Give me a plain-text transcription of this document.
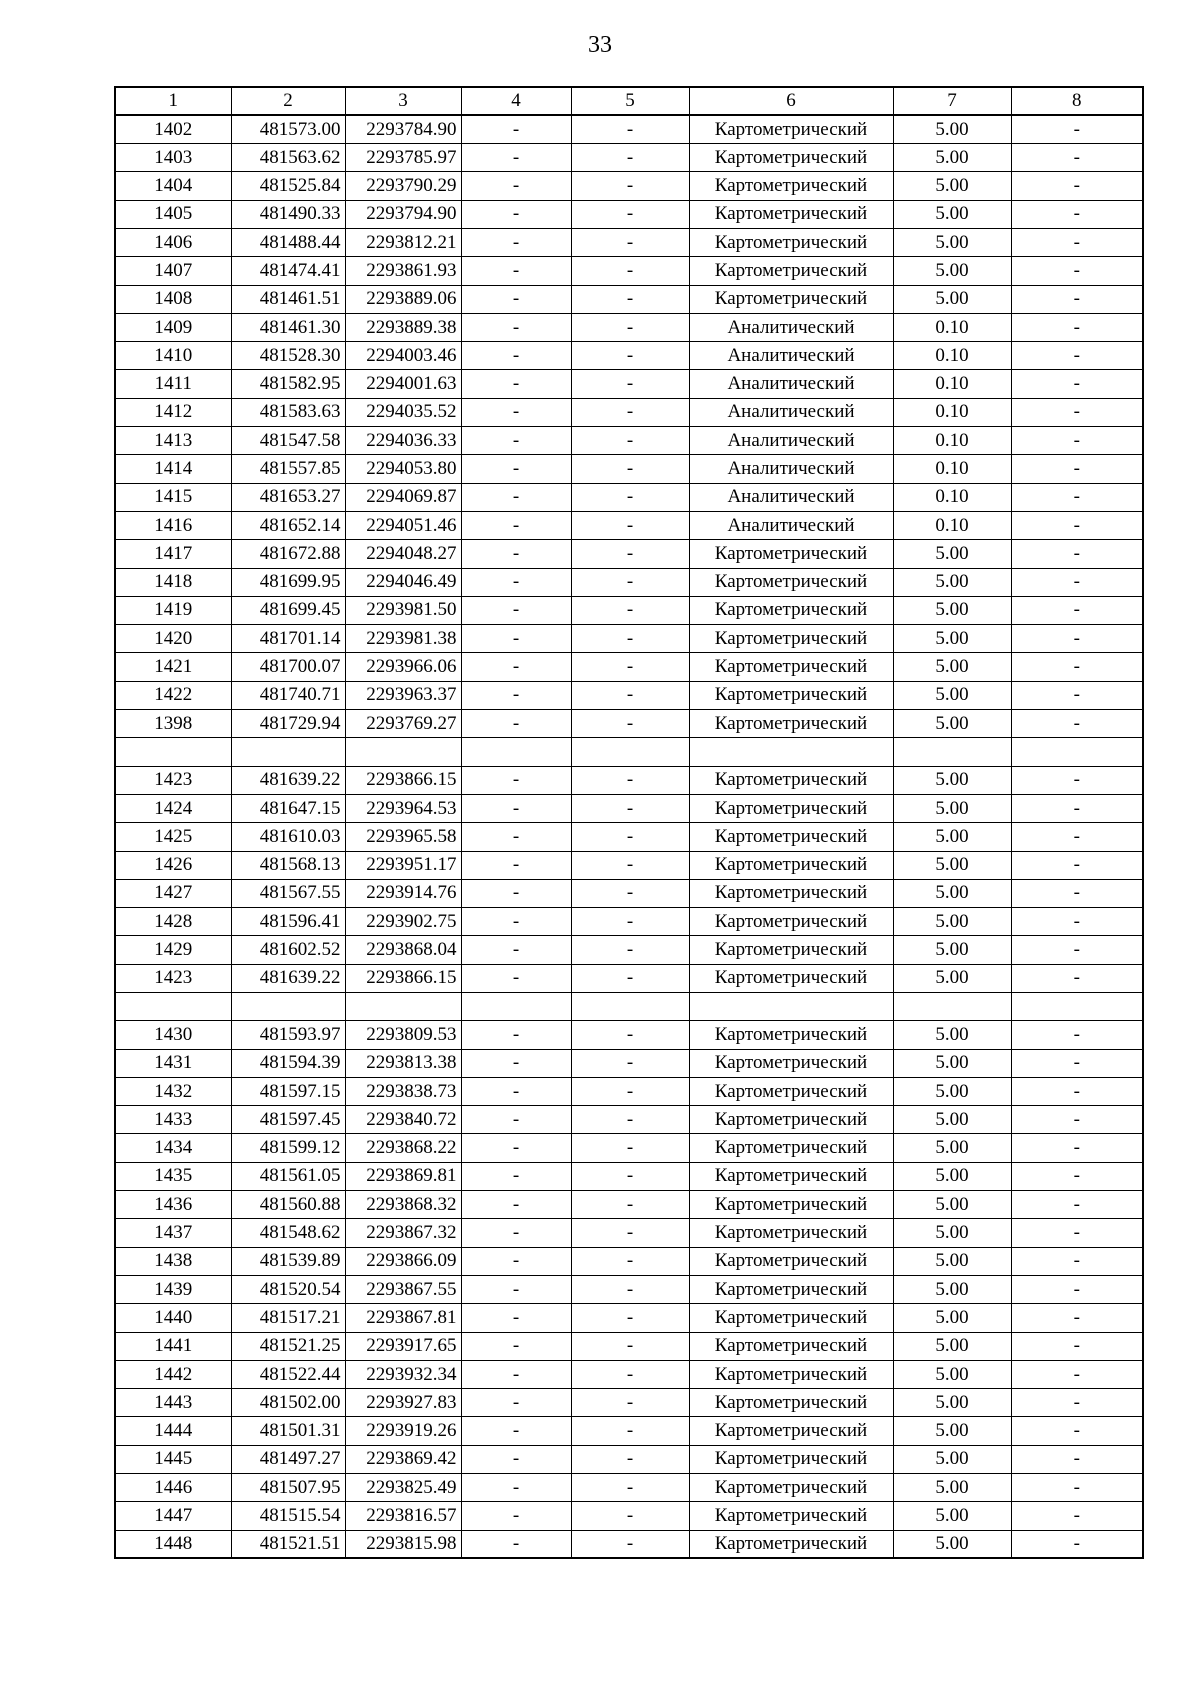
33
1	2	3	4	5	6	7	8
1402	481573.00	2293784.90	-	-	Картометрический	5.00	-
1403	481563.62	2293785.97	-	-	Картометрический	5.00	-
1404	481525.84	2293790.29	-	-	Картометрический	5.00	-
1405	481490.33	2293794.90	-	-	Картометрический	5.00	-
1406	481488.44	2293812.21	-	-	Картометрический	5.00	-
1407	481474.41	2293861.93	-	-	Картометрический	5.00	-
1408	481461.51	2293889.06	-	-	Картометрический	5.00	-
1409	481461.30	2293889.38	-	-	Аналитический	0.10	-
1410	481528.30	2294003.46	-	-	Аналитический	0.10	-
1411	481582.95	2294001.63	-	-	Аналитический	0.10	-
1412	481583.63	2294035.52	-	-	Аналитический	0.10	-
1413	481547.58	2294036.33	-	-	Аналитический	0.10	-
1414	481557.85	2294053.80	-	-	Аналитический	0.10	-
1415	481653.27	2294069.87	-	-	Аналитический	0.10	-
1416	481652.14	2294051.46	-	-	Аналитический	0.10	-
1417	481672.88	2294048.27	-	-	Картометрический	5.00	-
1418	481699.95	2294046.49	-	-	Картометрический	5.00	-
1419	481699.45	2293981.50	-	-	Картометрический	5.00	-
1420	481701.14	2293981.38	-	-	Картометрический	5.00	-
1421	481700.07	2293966.06	-	-	Картометрический	5.00	-
1422	481740.71	2293963.37	-	-	Картометрический	5.00	-
1398	481729.94	2293769.27	-	-	Картометрический	5.00	-

1423	481639.22	2293866.15	-	-	Картометрический	5.00	-
1424	481647.15	2293964.53	-	-	Картометрический	5.00	-
1425	481610.03	2293965.58	-	-	Картометрический	5.00	-
1426	481568.13	2293951.17	-	-	Картометрический	5.00	-
1427	481567.55	2293914.76	-	-	Картометрический	5.00	-
1428	481596.41	2293902.75	-	-	Картометрический	5.00	-
1429	481602.52	2293868.04	-	-	Картометрический	5.00	-
1423	481639.22	2293866.15	-	-	Картометрический	5.00	-

1430	481593.97	2293809.53	-	-	Картометрический	5.00	-
1431	481594.39	2293813.38	-	-	Картометрический	5.00	-
1432	481597.15	2293838.73	-	-	Картометрический	5.00	-
1433	481597.45	2293840.72	-	-	Картометрический	5.00	-
1434	481599.12	2293868.22	-	-	Картометрический	5.00	-
1435	481561.05	2293869.81	-	-	Картометрический	5.00	-
1436	481560.88	2293868.32	-	-	Картометрический	5.00	-
1437	481548.62	2293867.32	-	-	Картометрический	5.00	-
1438	481539.89	2293866.09	-	-	Картометрический	5.00	-
1439	481520.54	2293867.55	-	-	Картометрический	5.00	-
1440	481517.21	2293867.81	-	-	Картометрический	5.00	-
1441	481521.25	2293917.65	-	-	Картометрический	5.00	-
1442	481522.44	2293932.34	-	-	Картометрический	5.00	-
1443	481502.00	2293927.83	-	-	Картометрический	5.00	-
1444	481501.31	2293919.26	-	-	Картометрический	5.00	-
1445	481497.27	2293869.42	-	-	Картометрический	5.00	-
1446	481507.95	2293825.49	-	-	Картометрический	5.00	-
1447	481515.54	2293816.57	-	-	Картометрический	5.00	-
1448	481521.51	2293815.98	-	-	Картометрический	5.00	-
